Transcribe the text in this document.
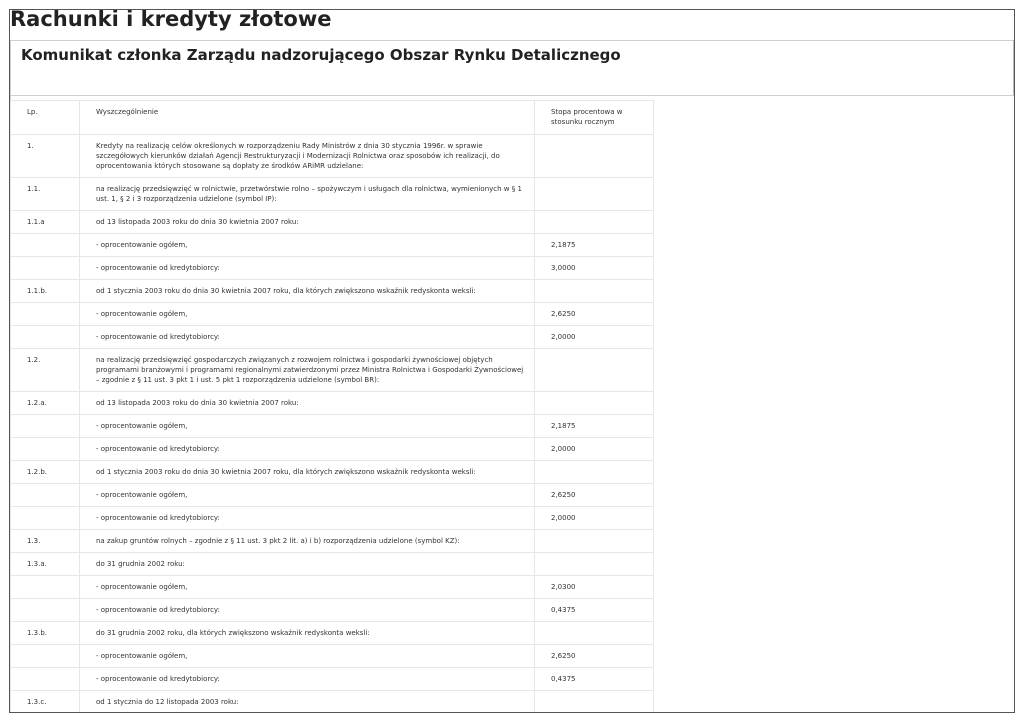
Rachunki i kredyty złotowe
Komunikat członka Zarządu nadzorującego Obszar Rynku Detalicznego
Lp.	Wyszczególnienie	Stopa procentowa w stosunku rocznym
1.	Kredyty na realizację celów określonych w rozporządzeniu Rady Ministrów z dnia 30 stycznia 1996r. w sprawie szczegółowych kierunków działań Agencji Restrukturyzacji i Modernizacji Rolnictwa oraz sposobów ich realizacji, do oprocentowania których stosowane są dopłaty ze środków ARiMR udzielane:	
1.1.	na realizację przedsięwzięć w rolnictwie, przetwórstwie rolno – spożywczym i usługach dla rolnictwa, wymienionych w § 1 ust. 1, § 2 i 3 rozporządzenia udzielone (symbol IP):	
1.1.a	od 13 listopada 2003 roku do dnia 30 kwietnia 2007 roku:	
	- oprocentowanie ogółem,	2,1875
	- oprocentowanie od kredytobiorcy:	3,0000
1.1.b.	od 1 stycznia 2003 roku do dnia 30 kwietnia 2007 roku, dla których zwiększono wskaźnik redyskonta weksli:	
	- oprocentowanie ogółem,	2,6250
	- oprocentowanie od kredytobiorcy:	2,0000
1.2.	na realizację przedsięwzięć gospodarczych związanych z rozwojem rolnictwa i gospodarki żywnościowej objętych programami branżowymi i programami regionalnymi zatwierdzonymi przez Ministra Rolnictwa i Gospodarki Żywnościowej – zgodnie z § 11 ust. 3 pkt 1 i ust. 5 pkt 1 rozporządzenia udzielone (symbol BR):	
1.2.a.	od 13 listopada 2003 roku do dnia 30 kwietnia 2007 roku:	
	- oprocentowanie ogółem,	2,1875
	- oprocentowanie od kredytobiorcy:	2,0000
1.2.b.	od 1 stycznia 2003 roku do dnia 30 kwietnia 2007 roku, dla których zwiększono wskaźnik redyskonta weksli:	
	- oprocentowanie ogółem,	2,6250
	- oprocentowanie od kredytobiorcy:	2,0000
1.3.	na zakup gruntów rolnych – zgodnie z § 11 ust. 3 pkt 2 lit. a) i b) rozporządzenia udzielone (symbol KZ):	
1.3.a.	do 31 grudnia 2002 roku:	
	- oprocentowanie ogółem,	2,0300
	- oprocentowanie od kredytobiorcy:	0,4375
1.3.b.	do 31 grudnia 2002 roku, dla których zwiększono wskaźnik redyskonta weksli:	
	- oprocentowanie ogółem,	2,6250
	- oprocentowanie od kredytobiorcy:	0,4375
1.3.c.	od 1 stycznia do 12 listopada 2003 roku:	
